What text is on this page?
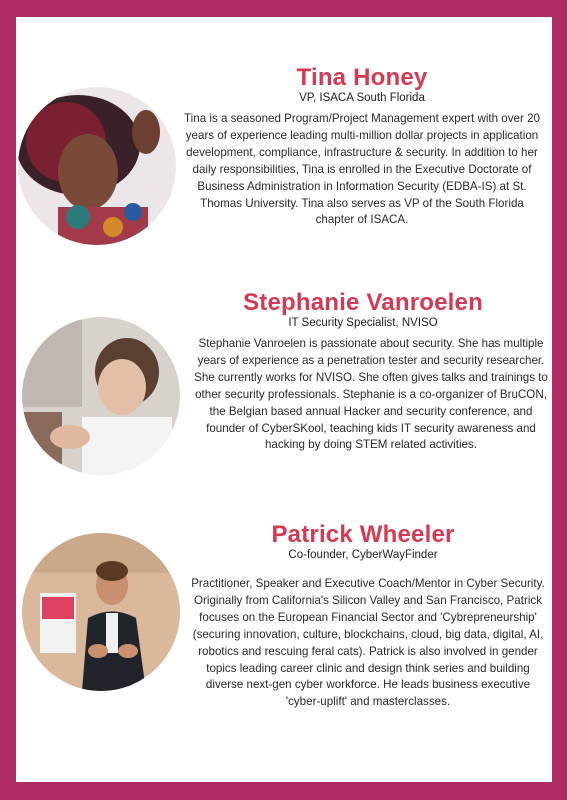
Tina Honey

VP, ISACA South Florida

Tina is a seasoned Program/Project Management expert with over 20 years of experience leading multi-million dollar projects in application development, compliance, infrastructure & security. In addition to her daily responsibilities, Tina is enrolled in the Executive Doctorate of Business Administration in Information Security (EDBA-IS) at St. Thomas University. Tina also serves as VP of the South Florida chapter of ISACA.

Stephanie Vanroelen

IT Security Specialist, NVISO

Stephanie Vanroelen is passionate about security. She has multiple years of experience as a penetration tester and security researcher. She currently works for NVISO. She often gives talks and trainings to other security professionals. Stephanie is a co-organizer of BruCON, the Belgian based annual Hacker and security conference, and founder of CyberSKool, teaching kids IT security awareness and hacking by doing STEM related activities.

Patrick Wheeler

Co-founder, CyberWayFinder

Practitioner, Speaker and Executive Coach/Mentor in Cyber Security. Originally from California's Silicon Valley and San Francisco, Patrick focuses on the European Financial Sector and 'Cybrepreneurship' (securing innovation, culture, blockchains, cloud, big data, digital, AI, robotics and rescuing feral cats). Patrick is also involved in gender topics leading career clinic and design think series and building diverse next-gen cyber workforce. He leads business executive 'cyber-uplift' and masterclasses.
